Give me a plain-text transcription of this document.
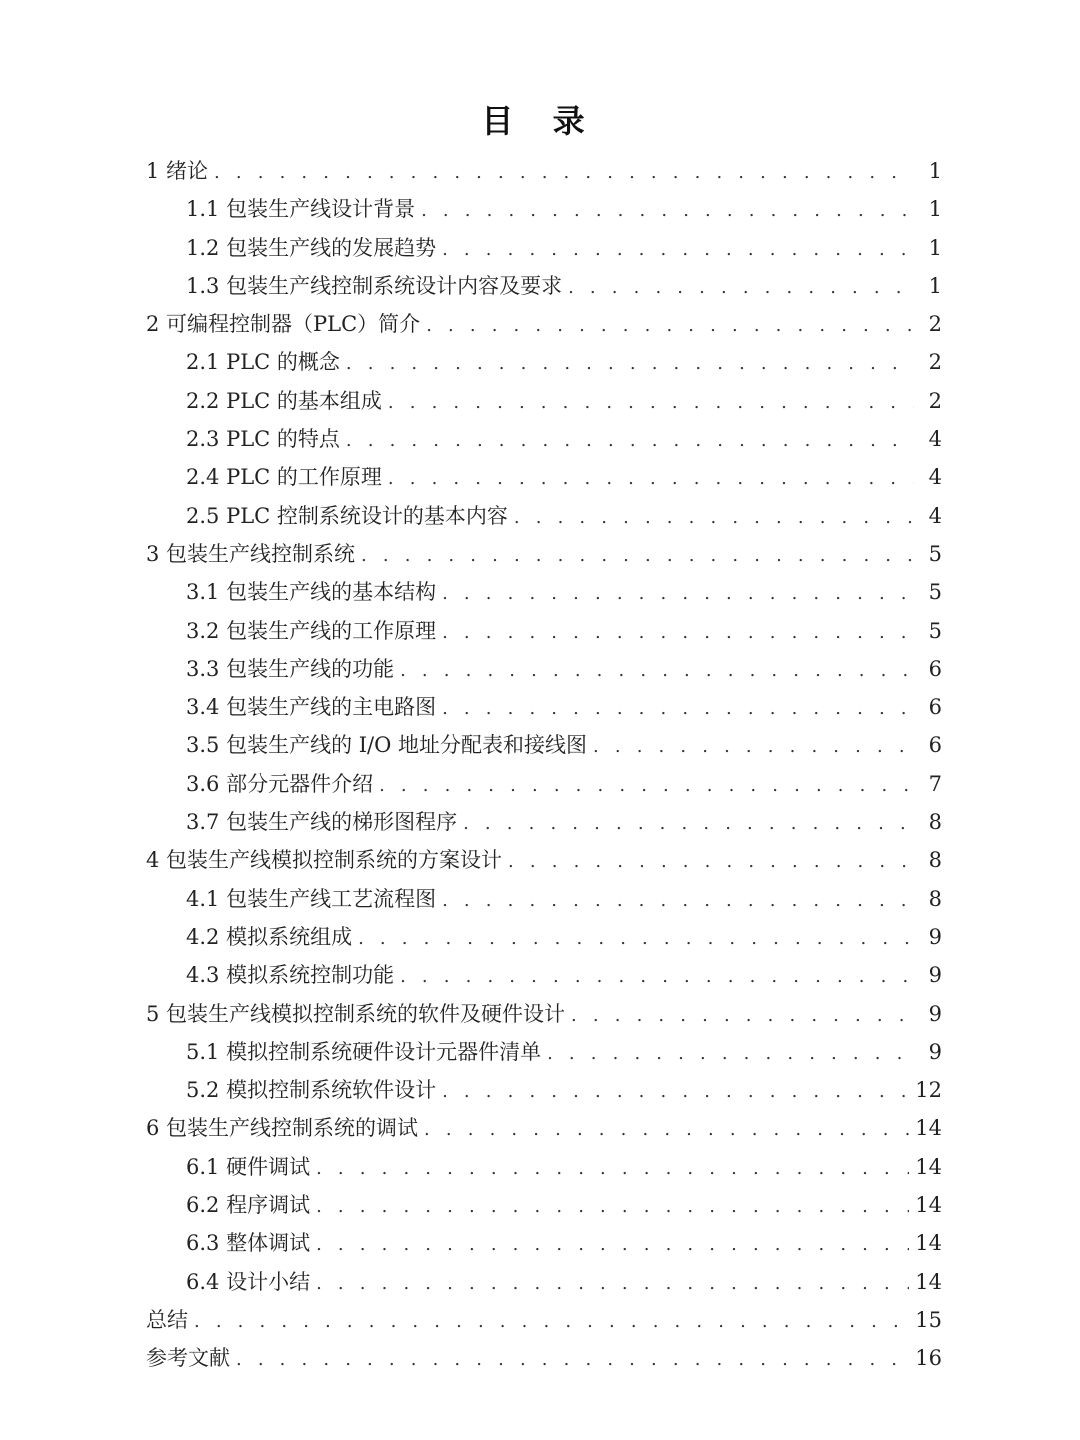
目 录
1 绪论 . . .	1
1.1 包装生产线设计背景 . . .	1
1.2 包装生产线的发展趋势 . . .	1
1.3 包装生产线控制系统设计内容及要求 . . .	1
2 可编程控制器（PLC）简介 . . .	2
2.1 PLC 的概念 . . .	2
2.2 PLC 的基本组成 . . .	2
2.3 PLC 的特点 . . .	4
2.4 PLC 的工作原理 . . .	4
2.5 PLC 控制系统设计的基本内容 . . .	4
3 包装生产线控制系统 . . .	5
3.1 包装生产线的基本结构 . . .	5
3.2 包装生产线的工作原理 . . .	5
3.3 包装生产线的功能 . . .	6
3.4 包装生产线的主电路图 . . .	6
3.5 包装生产线的 I/O 地址分配表和接线图 . . .	6
3.6 部分元器件介绍 . . .	7
3.7 包装生产线的梯形图程序 . . .	8
4 包装生产线模拟控制系统的方案设计 . . .	8
4.1 包装生产线工艺流程图 . . .	8
4.2 模拟系统组成 . . .	9
4.3 模拟系统控制功能 . . .	9
5 包装生产线模拟控制系统的软件及硬件设计 . . .	9
5.1 模拟控制系统硬件设计元器件清单 . . .	9
5.2 模拟控制系统软件设计 . . .	12
6 包装生产线控制系统的调试 . . .	14
6.1 硬件调试 . . .	14
6.2 程序调试 . . .	14
6.3 整体调试 . . .	14
6.4 设计小结 . . .	14
总结 . . .	15
参考文献 . . .	16
